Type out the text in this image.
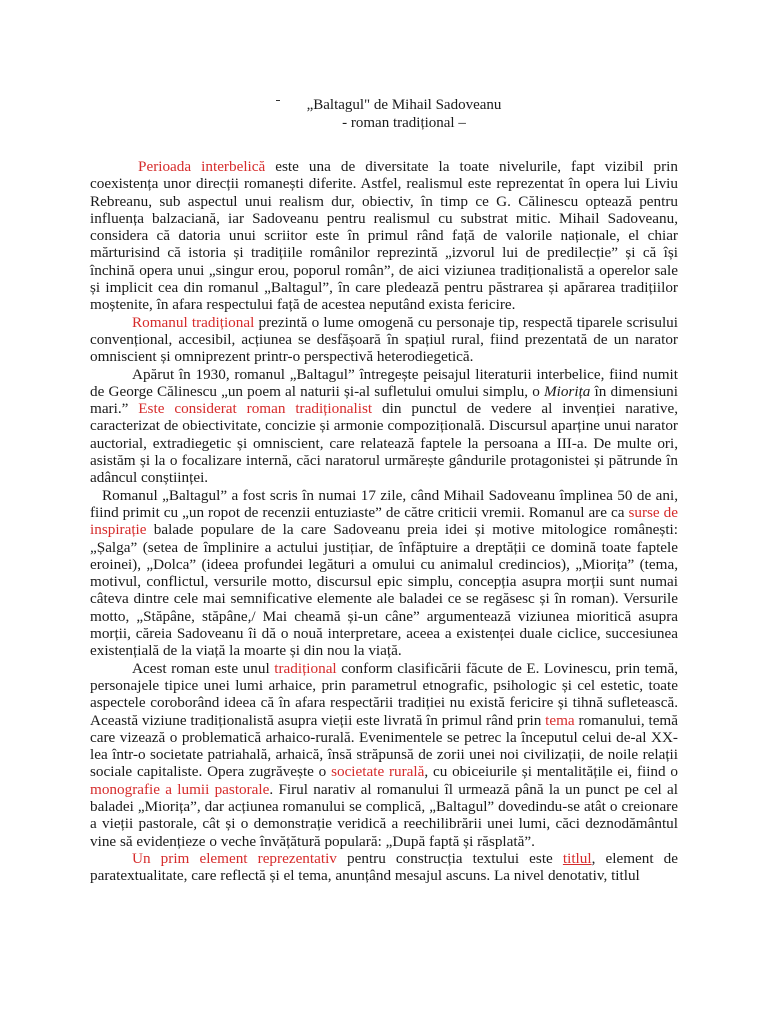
„Baltagul" de Mihail Sadoveanu

- roman tradițional –

Perioada interbelică este una de diversitate la toate nivelurile, fapt vizibil prin coexistența unor direcții romanești diferite. Astfel, realismul este reprezentat în opera lui Liviu Rebreanu, sub aspectul unui realism dur, obiectiv, în timp ce G. Călinescu optează pentru influența balzaciană, iar Sadoveanu pentru realismul cu substrat mitic. Mihail Sadoveanu, considera că datoria unui scriitor este în primul rând față de valorile naționale, el chiar mărturisind că istoria și tradițiile românilor reprezintă „izvorul lui de predilecție” și că își închină opera unui „singur erou, poporul român”, de aici viziunea tradiționalistă a operelor sale și implicit cea din romanul „Baltagul”, în care pledează pentru păstrarea și apărarea tradițiilor moștenite, în afara respectului față de acestea neputând exista fericire.

Romanul tradițional prezintă o lume omogenă cu personaje tip, respectă tiparele scrisului convențional, accesibil, acțiunea se desfășoară în spațiul rural, fiind prezentată de un narator omniscient și omniprezent printr-o perspectivă heterodiegetică.

Apărut în 1930, romanul „Baltagul” întregește peisajul literaturii interbelice, fiind numit de George Călinescu „un poem al naturii și-al sufletului omului simplu, o Miorița în dimensiuni mari.” Este considerat roman tradiționalist din punctul de vedere al invenției narative, caracterizat de obiectivitate, concizie și armonie compozițională. Discursul aparține unui narator auctorial, extradiegetic și omniscient, care relatează faptele la persoana a III-a. De multe ori, asistăm și la o focalizare internă, căci naratorul urmărește gândurile protagonistei și pătrunde în adâncul conștiinței.

Romanul „Baltagul” a fost scris în numai 17 zile, când Mihail Sadoveanu împlinea 50 de ani, fiind primit cu „un ropot de recenzii entuziaste” de către criticii vremii. Romanul are ca surse de inspirație balade populare de la care Sadoveanu preia idei și motive mitologice românești: „Șalga” (setea de împlinire a actului justițiar, de înfăptuire a dreptății ce domină toate faptele eroinei), „Dolca” (ideea profundei legături a omului cu animalul credincios), „Miorița” (tema, motivul, conflictul, versurile motto, discursul epic simplu, concepția asupra morții sunt numai câteva dintre cele mai semnificative elemente ale baladei ce se regăsesc și în roman). Versurile motto, „Stăpâne, stăpâne,/ Mai cheamă și-un câne” argumentează viziunea mioritică asupra morții, căreia Sadoveanu îi dă o nouă interpretare, aceea a existenței duale ciclice, succesiunea existențială de la viață la moarte și din nou la viață.

Acest roman este unul tradițional conform clasificării făcute de E. Lovinescu, prin temă, personajele tipice unei lumi arhaice, prin parametrul etnografic, psihologic și cel estetic, toate aspectele coroborând ideea că în afara respectării tradiției nu există fericire și tihnă sufletească. Această viziune tradiționalistă asupra vieții este livrată în primul rând prin tema romanului, temă care vizează o problematică arhaico-rurală. Evenimentele se petrec la începutul celui de-al XX-lea într-o societate patriahală, arhaică, însă străpunsă de zorii unei noi civilizații, de noile relații sociale capitaliste. Opera zugrăvește o societate rurală, cu obiceiurile și mentalitățile ei, fiind o monografie a lumii pastorale. Firul narativ al romanului îl urmează până la un punct pe cel al baladei „Miorița”, dar acțiunea romanului se complică, „Baltagul” dovedindu-se atât o creionare a vieții pastorale, cât și o demonstrație veridică a reechilibrării unei lumi, căci deznodământul vine să evidențieze o veche învățătură populară: „După faptă și răsplată”.

Un prim element reprezentativ pentru construcția textului este titlul, element de paratextualitate, care reflectă și el tema, anunțând mesajul ascuns. La nivel denotativ, titlul
